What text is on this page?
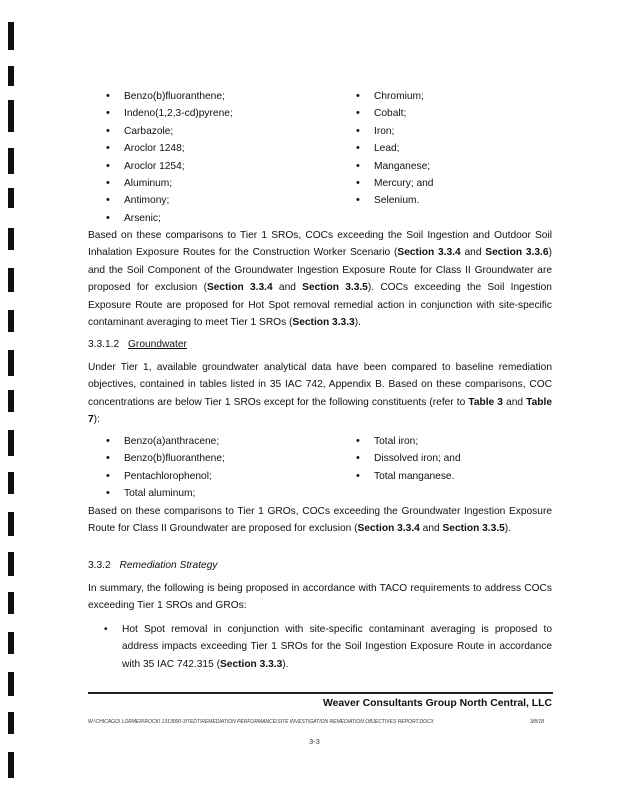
• Benzo(b)fluoranthene;
• Indeno(1,2,3-cd)pyrene;
• Carbazole;
• Aroclor 1248;
• Aroclor 1254;
• Aluminum;
• Antimony;
• Arsenic;
• Chromium;
• Cobalt;
• Iron;
• Lead;
• Manganese;
• Mercury; and
• Selenium.

Based on these comparisons to Tier 1 SROs, COCs exceeding the Soil Ingestion and Outdoor Soil Inhalation Exposure Routes for the Construction Worker Scenario (Section 3.3.4 and Section 3.3.6) and the Soil Component of the Groundwater Ingestion Exposure Route for Class II Groundwater are proposed for exclusion (Section 3.3.4 and Section 3.3.5). COCs exceeding the Soil Ingestion Exposure Route are proposed for Hot Spot removal remedial action in conjunction with site-specific contaminant averaging to meet Tier 1 SROs (Section 3.3.3).

3.3.1.2 Groundwater

Under Tier 1, available groundwater analytical data have been compared to baseline remediation objectives, contained in tables listed in 35 IAC 742, Appendix B. Based on these comparisons, COC concentrations are below Tier 1 SROs except for the following constituents (refer to Table 3 and Table 7):

• Benzo(a)anthracene;
• Benzo(b)fluoranthene;
• Pentachlorophenol;
• Total aluminum;
• Total iron;
• Dissolved iron; and
• Total manganese.

Based on these comparisons to Tier 1 GROs, COCs exceeding the Groundwater Ingestion Exposure Route for Class II Groundwater are proposed for exclusion (Section 3.3.4 and Section 3.3.5).

3.3.2 Remediation Strategy

In summary, the following is being proposed in accordance with TACO requirements to address COCs exceeding Tier 1 SROs and GROs:

• Hot Spot removal in conjunction with site-specific contaminant averaging is proposed to address impacts exceeding Tier 1 SROs for the Soil Ingestion Exposure Route in accordance with 35 IAC 742.315 (Section 3.3.3).

Weaver Consultants Group North Central, LLC
W:\CHICAGO\ LORMER\ROCK\ 1313000-3\TEDT\REMEDIATION PERFORMANCE\SITE INVESTIGATION REMEDIATION OBJECTIVES REPORT.DOCX	3/8/18
3-3
